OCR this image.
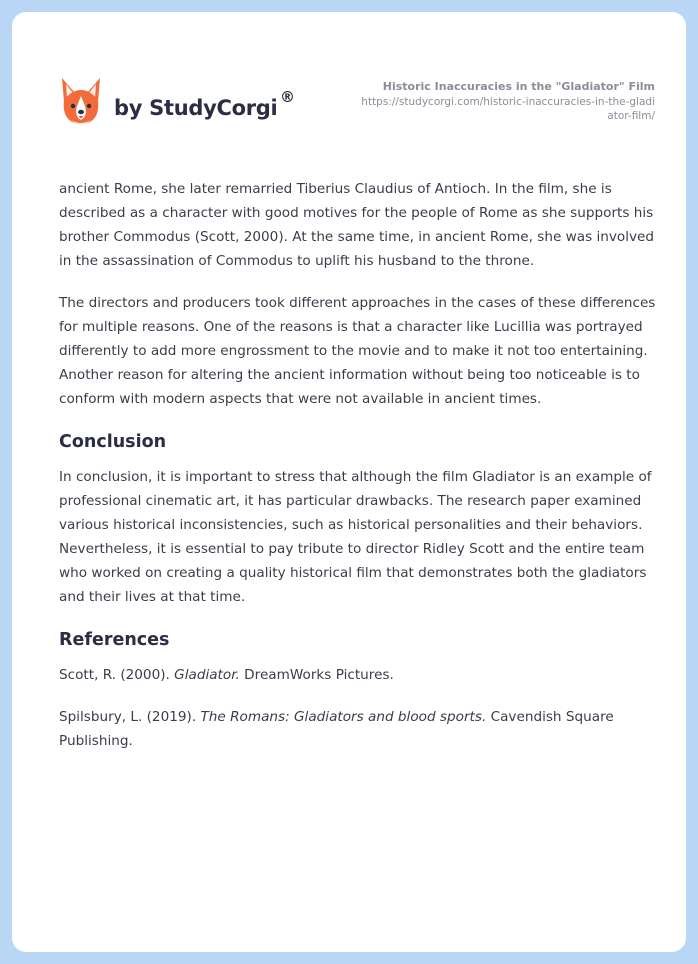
by StudyCorgi ®
Historic Inaccuracies in the "Gladiator" Film
https://studycorgi.com/historic-inaccuracies-in-the-gladiator-film/

ancient Rome, she later remarried Tiberius Claudius of Antioch. In the film, she is described as a character with good motives for the people of Rome as she supports his brother Commodus (Scott, 2000). At the same time, in ancient Rome, she was involved in the assassination of Commodus to uplift his husband to the throne.

The directors and producers took different approaches in the cases of these differences for multiple reasons. One of the reasons is that a character like Lucillia was portrayed differently to add more engrossment to the movie and to make it not too entertaining. Another reason for altering the ancient information without being too noticeable is to conform with modern aspects that were not available in ancient times.

Conclusion

In conclusion, it is important to stress that although the film Gladiator is an example of professional cinematic art, it has particular drawbacks. The research paper examined various historical inconsistencies, such as historical personalities and their behaviors. Nevertheless, it is essential to pay tribute to director Ridley Scott and the entire team who worked on creating a quality historical film that demonstrates both the gladiators and their lives at that time.

References

Scott, R. (2000). Gladiator. DreamWorks Pictures.

Spilsbury, L. (2019). The Romans: Gladiators and blood sports. Cavendish Square Publishing.
